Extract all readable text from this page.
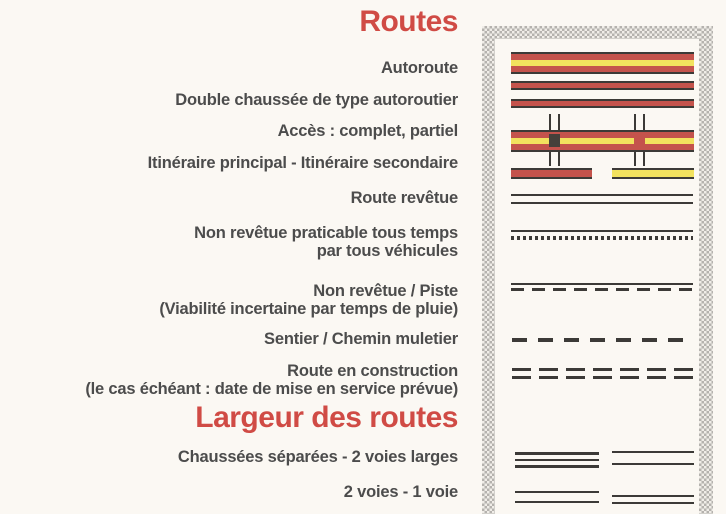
Routes
Autoroute
Double chaussée de type autoroutier
Accès : complet, partiel
Itinéraire principal - Itinéraire secondaire
Route revêtue
Non revêtue praticable tous temps
par tous véhicules
Non revêtue / Piste
(Viabilité incertaine par temps de pluie)
Sentier / Chemin muletier
Route en construction
(le cas échéant : date de mise en service prévue)
Largeur des routes
Chaussées séparées - 2 voies larges
2 voies - 1 voie
